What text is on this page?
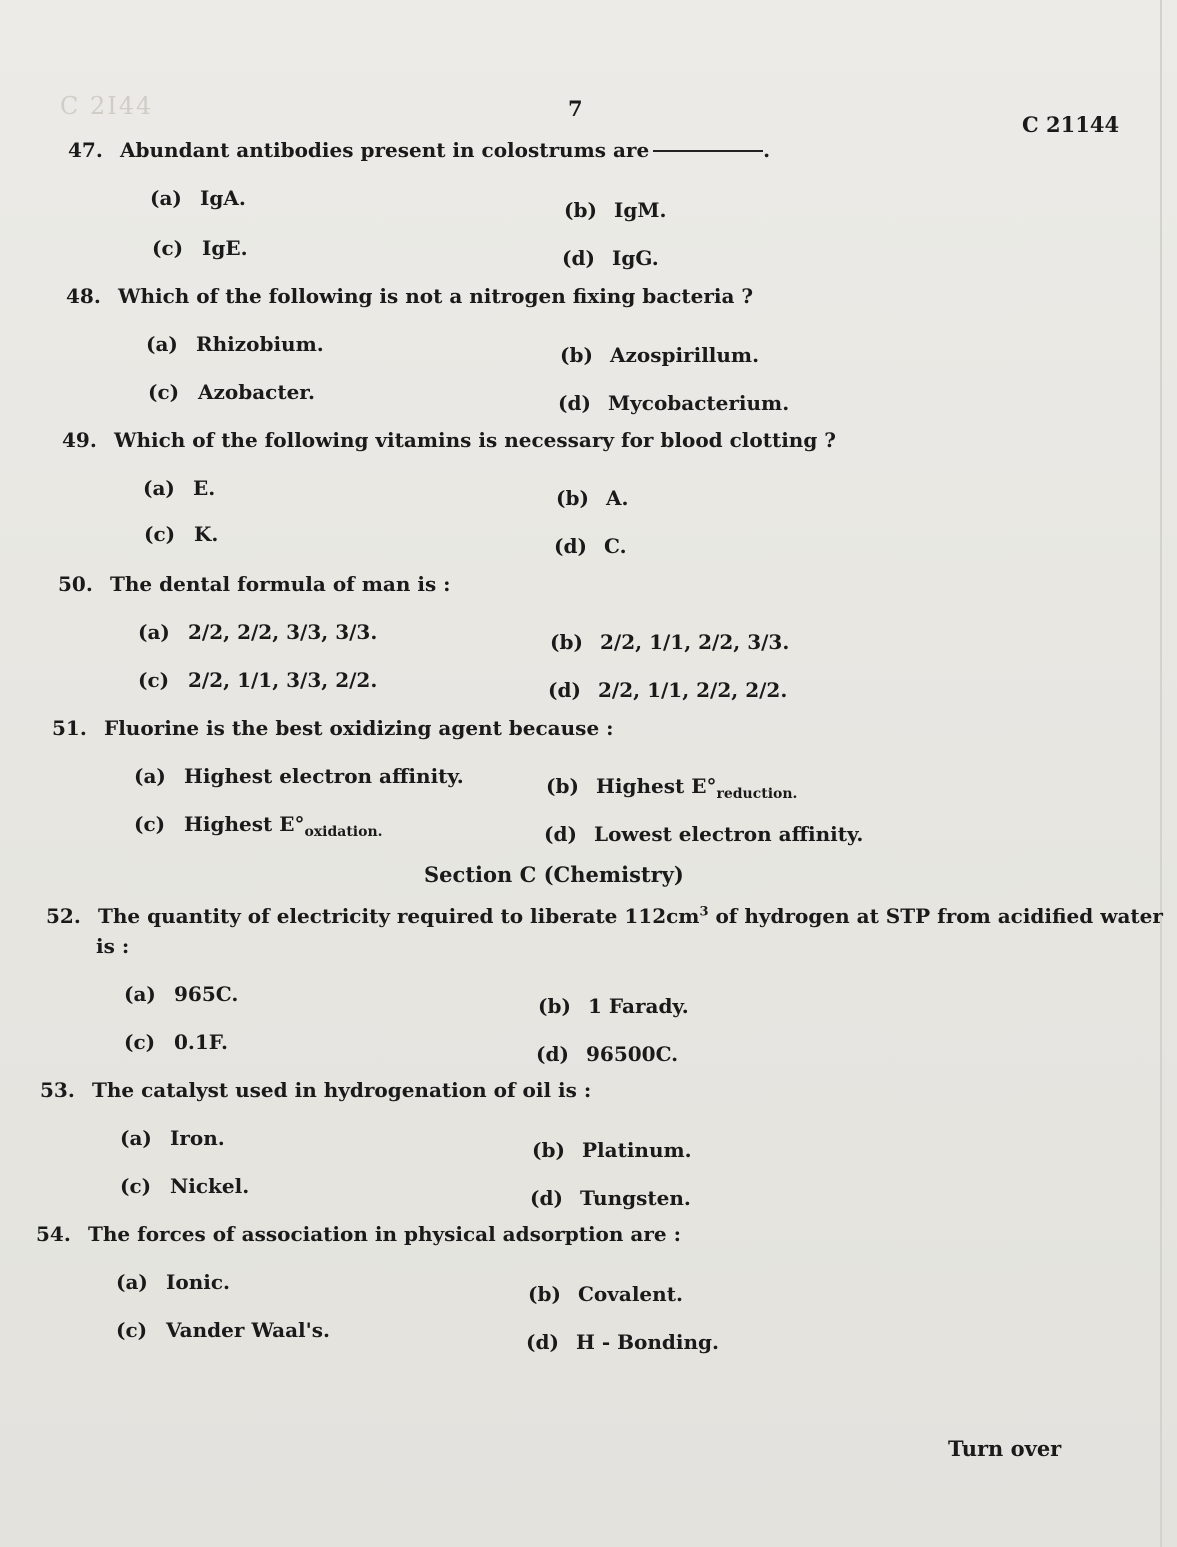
C 2Ι44	7
C 21144
47. Abundant antibodies present in colostrums are	.
(a) IgA.	(b) IgM.
(c) IgE.	(d) IgG.
48. Which of the following is not a nitrogen fixing bacteria ?
(a) Rhizobium.	(b) Azospirillum.
(c) Azobacter.	(d) Mycobacterium.
49. Which of the following vitamins is necessary for blood clotting ?
(a) E.	(b) A.
(c) K.	(d) C.
50. The dental formula of man is :
(a) 2/2, 2/2, 3/3, 3/3.	(b) 2/2, 1/1, 2/2, 3/3.
(c) 2/2, 1/1, 3/3, 2/2.	(d) 2/2, 1/1, 2/2, 2/2.
51. Fluorine is the best oxidizing agent because :
(a) Highest electron affinity.	(b) Highest $E^\circ_{reduction.}$
(c) Highest $E^\circ_{oxidation.}$	(d) Lowest electron affinity.
Section C (Chemistry)
52. The quantity of electricity required to liberate $112cm^3$ of hydrogen at STP from acidified water
is :
(a) 965C.	(b) 1 Farady.
(c) 0.1F.	(d) 96500C.
53. The catalyst used in hydrogenation of oil is :
(a) Iron.	(b) Platinum.
(c) Nickel.	(d) Tungsten.
54. The forces of association in physical adsorption are :
(a) Ionic.	(b) Covalent.
(c) Vander Waal's.	(d) H - Bonding.
Turn over
